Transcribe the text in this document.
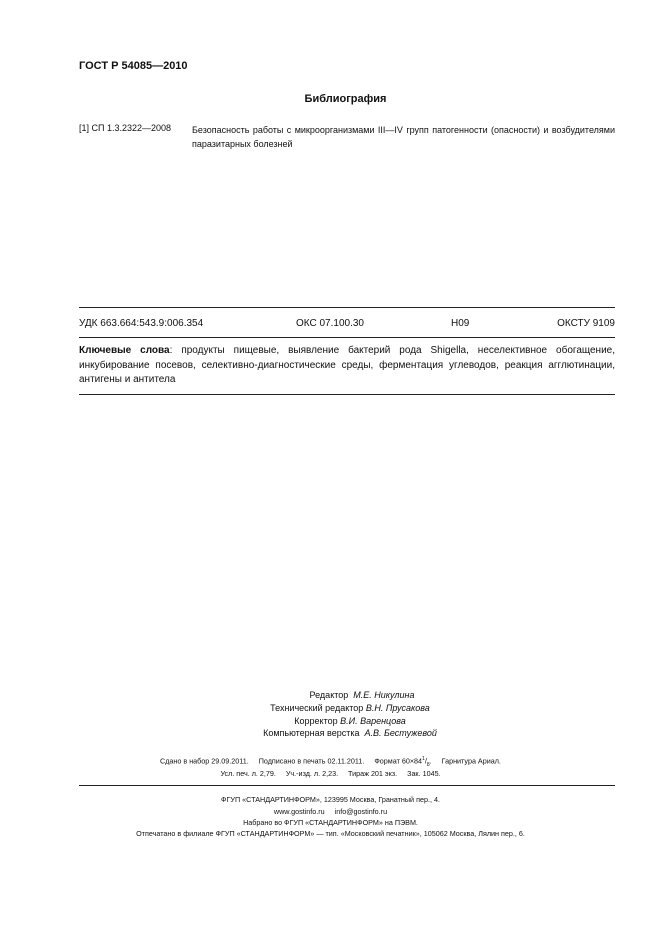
ГОСТ Р 54085—2010
Библиография
[1] СП 1.3.2322—2008 Безопасность работы с микроорганизмами III—IV групп патогенности (опасности) и возбудителями паразитарных болезней
УДК 663.664:543.9:006.354	ОКС 07.100.30	Н09	ОКСТУ 9109
Ключевые слова: продукты пищевые, выявление бактерий рода Shigella, неселективное обогащение, инкубирование посевов, селективно-диагностические среды, ферментация углеводов, реакция агглютинации, антигены и антитела
Редактор М.Е. Никулина
Технический редактор В.Н. Прусакова
Корректор В.И. Варенцова
Компьютерная верстка А.В. Бестужевой
Сдано в набор 29.09.2011.     Подписано в печать 02.11.2011.     Формат $60\times 84^1/_8$.     Гарнитура Ариал.
Усл. печ. л. 2,79.     Уч.-изд. л. 2,23.     Тираж 201 экз.     Зак. 1045.
ФГУП «СТАНДАРТИНФОРМ», 123995 Москва, Гранатный пер., 4.
www.gostinfo.ru     info@gostinfo.ru
Набрано во ФГУП «СТАНДАРТИНФОРМ» на ПЭВМ.
Отпечатано в филиале ФГУП «СТАНДАРТИНФОРМ» — тип. «Московский печатник», 105062 Москва, Лялин пер., 6.
